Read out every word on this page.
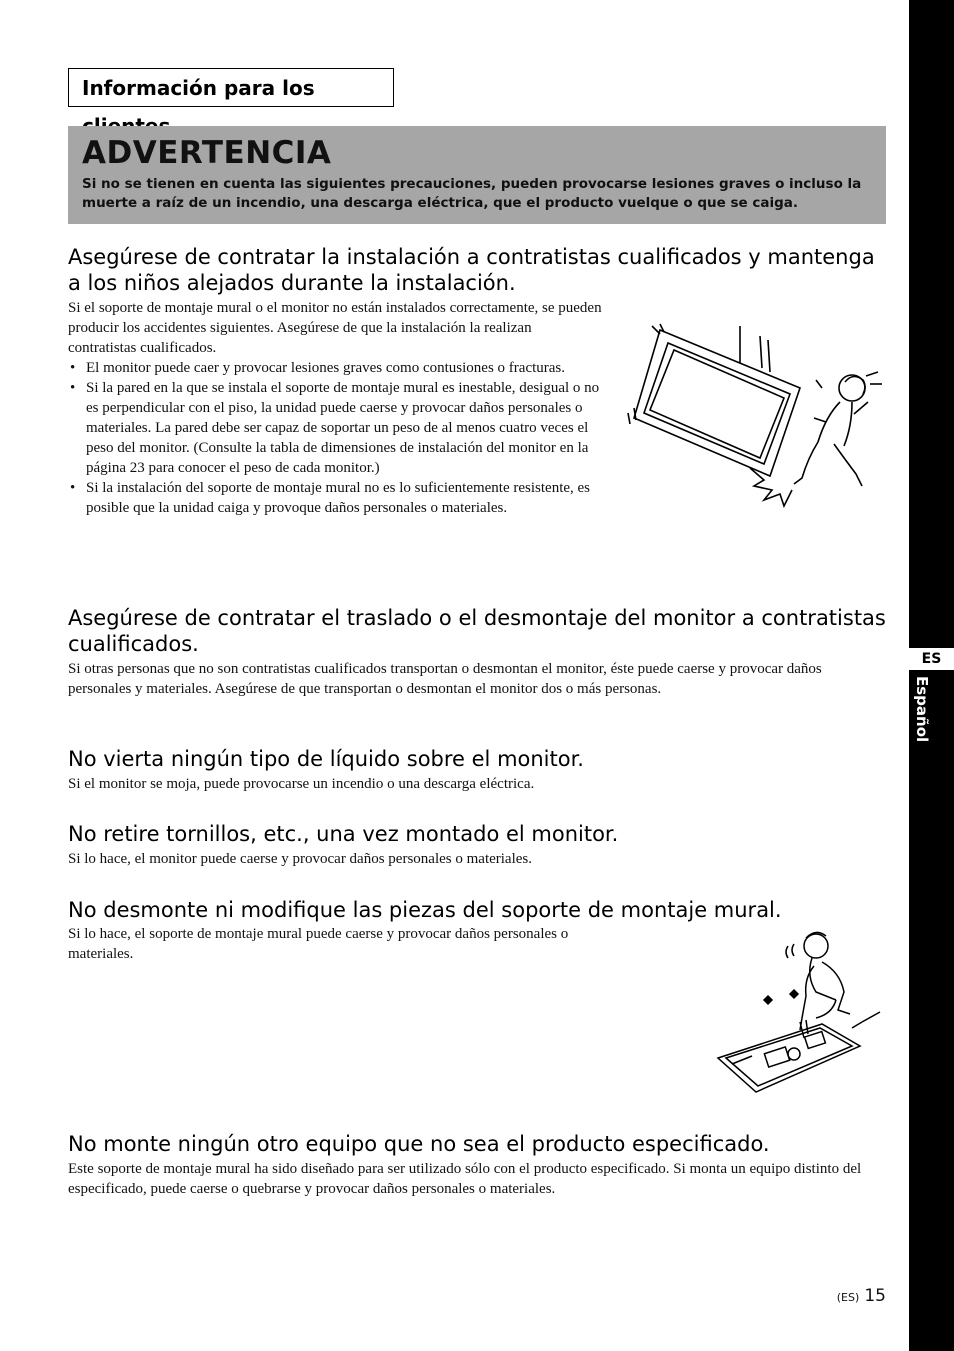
ES
Español
Información para los
ADVERTENCIA
Si no se tienen en cuenta las siguientes precauciones, pueden provocarse lesiones graves o incluso la muerte a raíz de un incendio, una descarga eléctrica, que el producto vuelque o que se caiga.
Asegúrese de contratar la instalación a contratistas cualificados y mantenga a los niños alejados durante la instalación.
Si el soporte de montaje mural o el monitor no están instalados correctamente, se pueden producir los accidentes siguientes. Asegúrese de que la instalación la realizan contratistas cualificados.
• El monitor puede caer y provocar lesiones graves como contusiones o fracturas.
• Si la pared en la que se instala el soporte de montaje mural es inestable, desigual o no es perpendicular con el piso, la unidad puede caerse y provocar daños personales o materiales. La pared debe ser capaz de soportar un peso de al menos cuatro veces el peso del monitor. (Consulte la tabla de dimensiones de instalación del monitor en la página 23 para conocer el peso de cada monitor.)
• Si la instalación del soporte de montaje mural no es lo suficientemente resistente, es posible que la unidad caiga y provoque daños personales o materiales.
Asegúrese de contratar el traslado o el desmontaje del monitor a contratistas cualificados.
Si otras personas que no son contratistas cualificados transportan o desmontan el monitor, éste puede caerse y provocar daños personales y materiales. Asegúrese de que transportan o desmontan el monitor dos o más personas.
No vierta ningún tipo de líquido sobre el monitor.
Si el monitor se moja, puede provocarse un incendio o una descarga eléctrica.
No retire tornillos, etc., una vez montado el monitor.
Si lo hace, el monitor puede caerse y provocar daños personales o materiales.
No desmonte ni modifique las piezas del soporte de montaje mural.
Si lo hace, el soporte de montaje mural puede caerse y provocar daños personales o materiales.
No monte ningún otro equipo que no sea el producto especificado.
Este soporte de montaje mural ha sido diseñado para ser utilizado sólo con el producto especificado. Si monta un equipo distinto del especificado, puede caerse o quebrarse y provocar daños personales o materiales.
(ES) 15
